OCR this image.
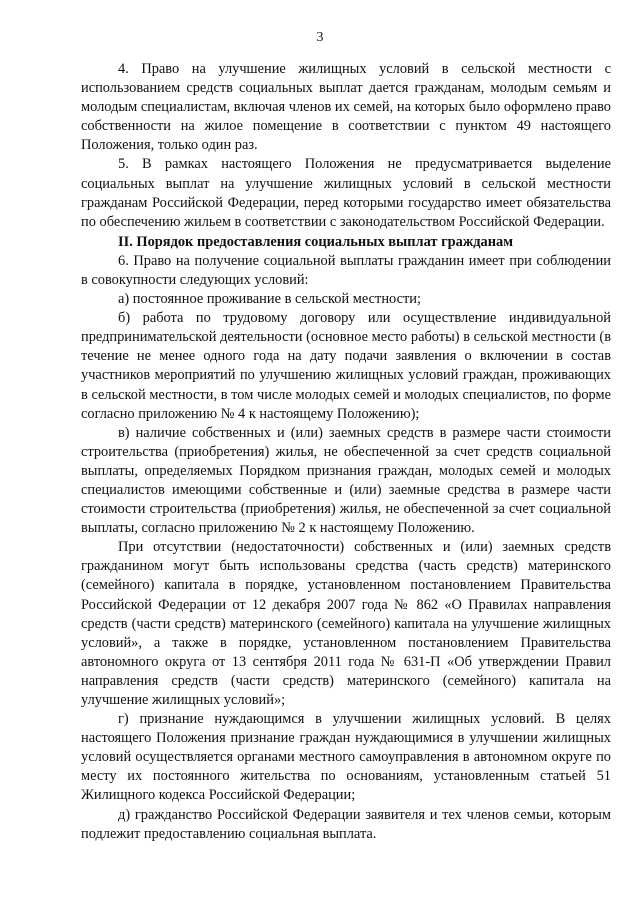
3

4. Право на улучшение жилищных условий в сельской местности с использованием средств социальных выплат дается гражданам, молодым семьям и молодым специалистам, включая членов их семей, на которых было оформлено право собственности на жилое помещение в соответствии с пунктом 49 настоящего Положения, только один раз.

5. В рамках настоящего Положения не предусматривается выделение социальных выплат на улучшение жилищных условий в сельской местности гражданам Российской Федерации, перед которыми государство имеет обязательства по обеспечению жильем в соответствии с законодательством Российской Федерации.

II. Порядок предоставления социальных выплат гражданам

6. Право на получение социальной выплаты гражданин имеет при соблюдении в совокупности следующих условий:

а) постоянное проживание в сельской местности;

б) работа по трудовому договору или осуществление индивидуальной предпринимательской деятельности (основное место работы) в сельской местности (в течение не менее одного года на дату подачи заявления о включении в состав участников мероприятий по улучшению жилищных условий граждан, проживающих в сельской местности, в том числе молодых семей и молодых специалистов, по форме согласно приложению № 4 к настоящему Положению);

в) наличие собственных и (или) заемных средств в размере части стоимости строительства (приобретения) жилья, не обеспеченной за счет средств социальной выплаты, определяемых Порядком признания граждан, молодых семей и молодых специалистов имеющими собственные и (или) заемные средства в размере части стоимости строительства (приобретения) жилья, не обеспеченной за счет социальной выплаты, согласно приложению № 2 к настоящему Положению.

При отсутствии (недостаточности) собственных и (или) заемных средств гражданином могут быть использованы средства (часть средств) материнского (семейного) капитала в порядке, установленном постановлением Правительства Российской Федерации от 12 декабря 2007 года № 862 «О Правилах направления средств (части средств) материнского (семейного) капитала на улучшение жилищных условий», а также в порядке, установленном постановлением Правительства автономного округа от 13 сентября 2011 года № 631-П «Об утверждении Правил направления средств (части средств) материнского (семейного) капитала на улучшение жилищных условий»;

г) признание нуждающимся в улучшении жилищных условий. В целях настоящего Положения признание граждан нуждающимися в улучшении жилищных условий осуществляется органами местного самоуправления в автономном округе по месту их постоянного жительства по основаниям, установленным статьей 51 Жилищного кодекса Российской Федерации;

д) гражданство Российской Федерации заявителя и тех членов семьи, которым подлежит предоставлению социальная выплата.
